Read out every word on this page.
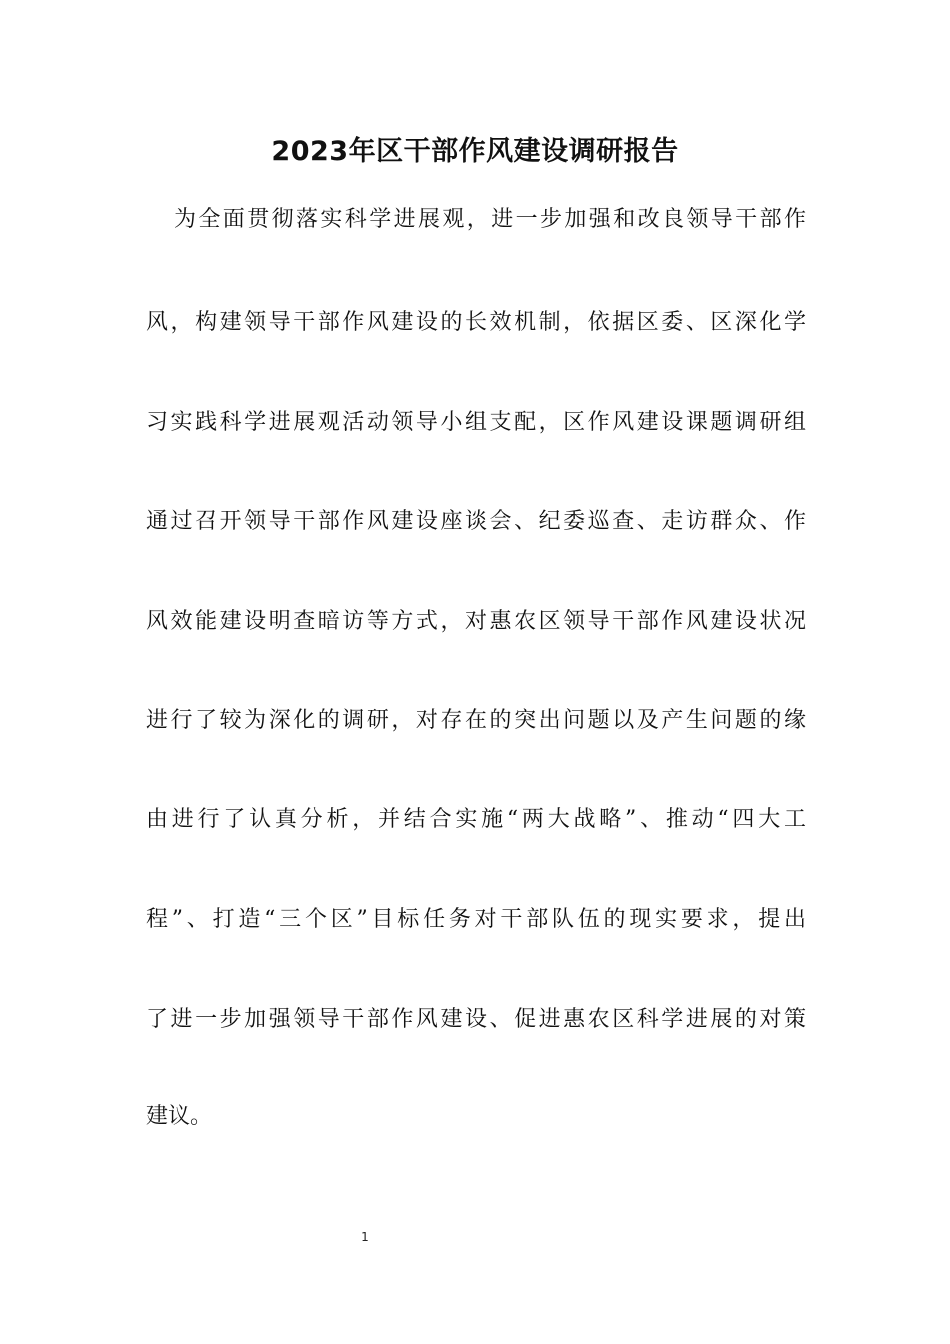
2023年区干部作风建设调研报告

为全面贯彻落实科学进展观，进一步加强和改良领导干部作

风，构建领导干部作风建设的长效机制，依据区委、区深化学

习实践科学进展观活动领导小组支配，区作风建设课题调研组

通过召开领导干部作风建设座谈会、纪委巡查、走访群众、作

风效能建设明查暗访等方式，对惠农区领导干部作风建设状况

进行了较为深化的调研，对存在的突出问题以及产生问题的缘

由进行了认真分析，并结合实施“两大战略”、推动“四大工

程”、打造“三个区”目标任务对干部队伍的现实要求，提出

了进一步加强领导干部作风建设、促进惠农区科学进展的对策

建议。

1
